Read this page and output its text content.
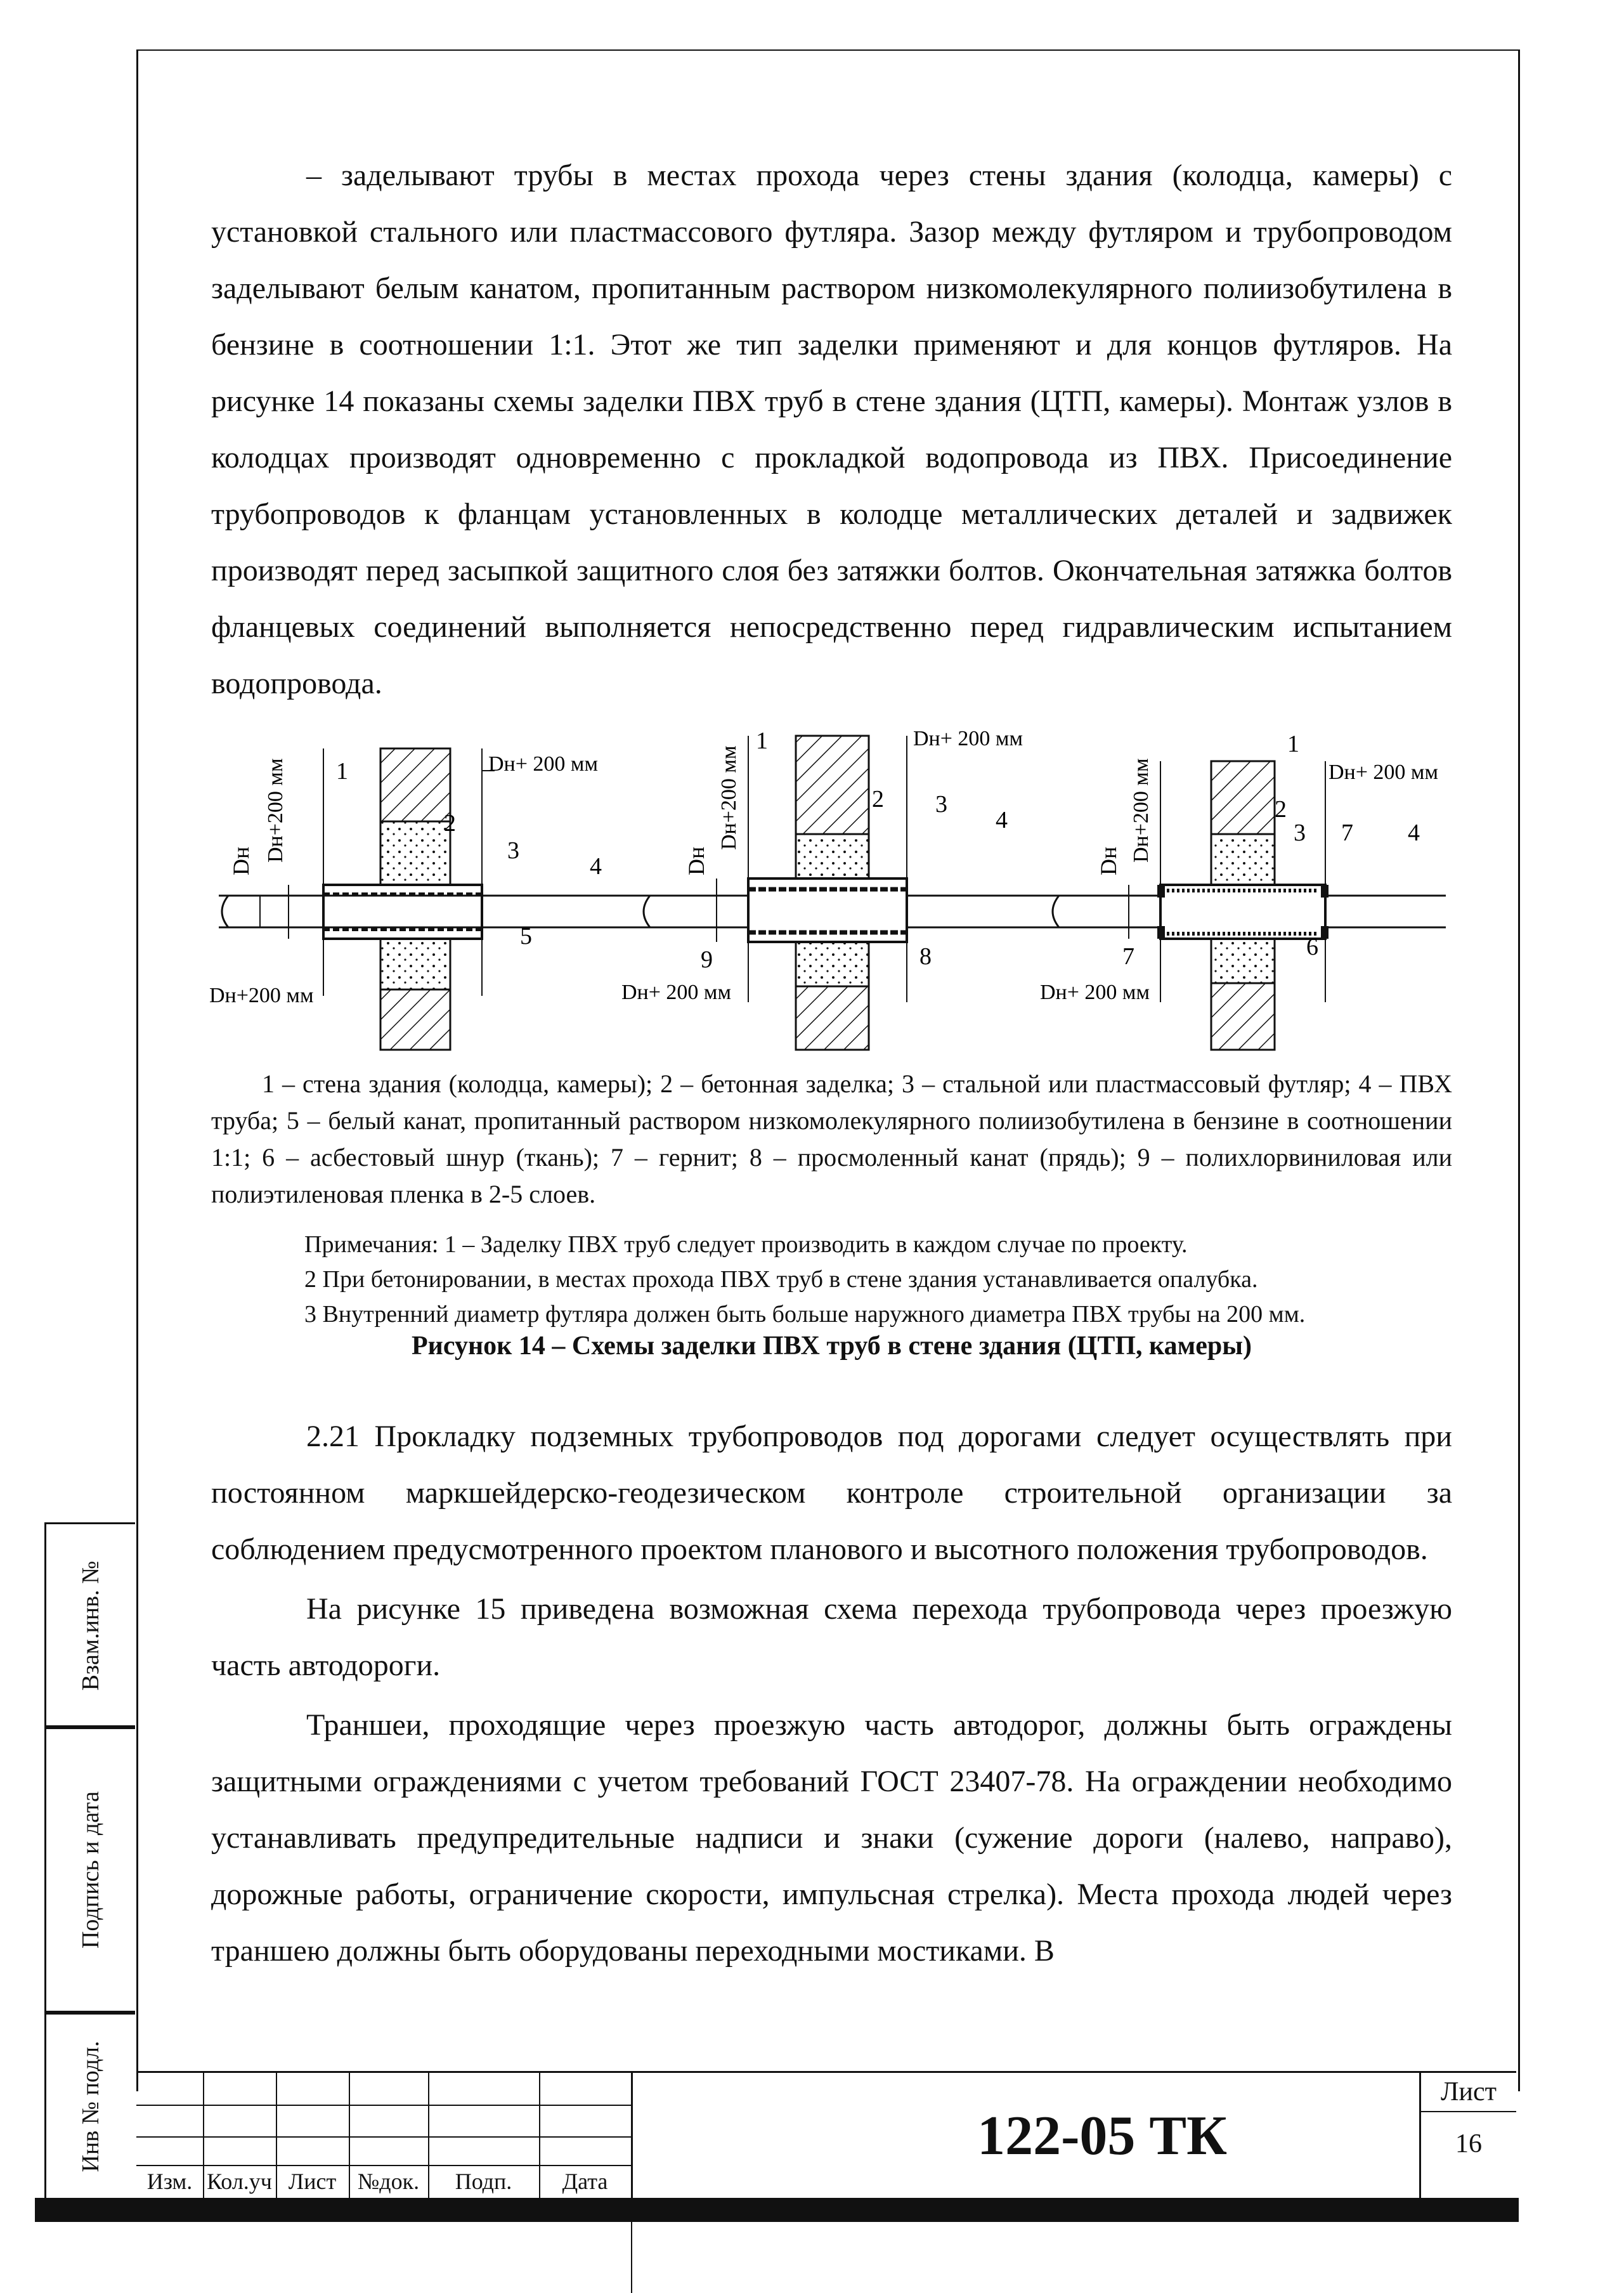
– заделывают трубы в местах прохода через стены здания (колодца, камеры) с установкой стального или пластмассового футляра. Зазор между футляром и трубопроводом заделывают белым канатом, пропитанным раствором низкомолекулярного полиизобутилена в бензине в соотношении 1:1. Этот же тип заделки применяют и для концов футляров. На рисунке 14 показаны схемы заделки ПВХ труб в стене здания (ЦТП, камеры). Монтаж узлов в колодцах производят одновременно с прокладкой водопровода из ПВХ. Присоединение трубопроводов к фланцам установленных в колодце металлических деталей и задвижек производят перед засыпкой защитного слоя без затяжки болтов. Окончательная затяжка болтов фланцевых соединений выполняется непосредственно перед гидравлическим испытанием водопровода.

Dн Dн+200 мм	Dн+ 200 мм
Dн+200 мм
1
2
3
4
5
Dн
Dн+200 мм
Dн+ 200 мм
Dн+ 200 мм
1
2 3
4
8
9
Dн Dн+200 мм	Dн+ 200 мм
Dн+ 200 мм
1
2
3 7 4
6
7

1 – стена здания (колодца, камеры); 2 – бетонная заделка; 3 – стальной или пластмассовый футляр; 4 – ПВХ труба; 5 – белый канат, пропитанный раствором низкомолекулярного полиизобутилена в бензине в соотношении 1:1; 6 – асбестовый шнур (ткань); 7 – гернит; 8 – просмоленный канат (прядь); 9 – полихлорвиниловая или полиэтиленовая пленка в 2-5 слоев.

Примечания: 1 – Заделку ПВХ труб следует производить в каждом случае по проекту.
2 При бетонировании, в местах прохода ПВХ труб в стене здания устанавливается опалубка.
3 Внутренний диаметр футляра должен быть больше наружного диаметра ПВХ трубы на 200 мм.

Рисунок 14 – Схемы заделки ПВХ труб в стене здания (ЦТП, камеры)

2.21 Прокладку подземных трубопроводов под дорогами следует осуществлять при постоянном маркшейдерско-геодезическом контроле строительной организации за соблюдением предусмотренного проектом планового и высотного положения трубопроводов.

На рисунке 15 приведена возможная схема перехода трубопровода через проезжую часть автодороги.

Траншеи, проходящие через проезжую часть автодорог, должны быть ограждены защитными ограждениями с учетом требований ГОСТ 23407-78. На ограждении необходимо устанавливать предупредительные надписи и знаки (сужение дороги (налево, направо), дорожные работы, ограничение скорости, импульсная стрелка). Места прохода людей через траншею должны быть оборудованы переходными мостиками. В

Взам.инв. №
Подпись и дата
Инв № подл.
Изм. Кол.уч Лист №док.	Подп.	Дата
122-05 ТК
Лист
16
